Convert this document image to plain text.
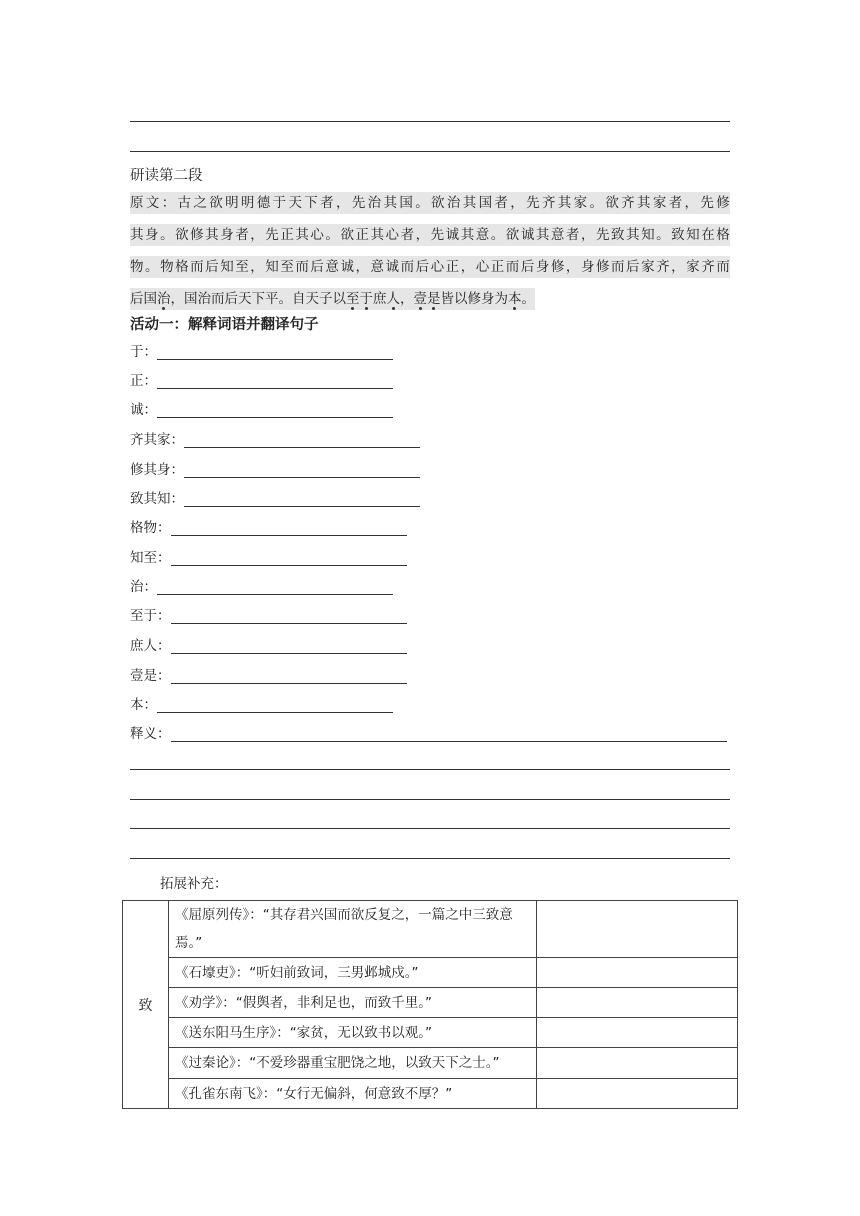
研读第二段
原 文 ： 古 之 欲 明 明 德 于 天 下 者 ， 先 治 其 国 。 欲 治 其 国 者 ， 先 齐 其 家 。 欲 齐 其 家 者 ， 先 修
其 身 。 欲 修 其 身 者 ， 先 正 其 心 。 欲 正 其 心 者 ， 先 诚 其 意 。 欲 诚 其 意 者 ， 先 致 其 知 。 致 知 在 格
物 。 物 格 而 后 知 至 ， 知 至 而 后 意 诚 ， 意 诚 而 后 心 正 ， 心 正 而 后 身 修 ， 身 修 而 后 家 齐 ， 家 齐 而
后国治，国治而后天下平。自天子以至于庶人，壹是皆以修身为本。
活动一：解释词语并翻译句子
于：
正：
诚：
齐其家：
修其身：
致其知：
格物：
知至：
治：
至于：
庶人：
壹是：
本：
释义：
拓展补充：
致	《屈原列传》：“其存君兴国而欲反复之，一篇之中三致意焉。”	
	《石壕吏》：“听妇前致词，三男邺城戍。”	
	《劝学》：“假舆者，非利足也，而致千里。”	
	《送东阳马生序》：“家贫，无以致书以观。”	
	《过秦论》：“不爱珍器重宝肥饶之地，以致天下之士。”	
	《孔雀东南飞》：“女行无偏斜，何意致不厚？”	
